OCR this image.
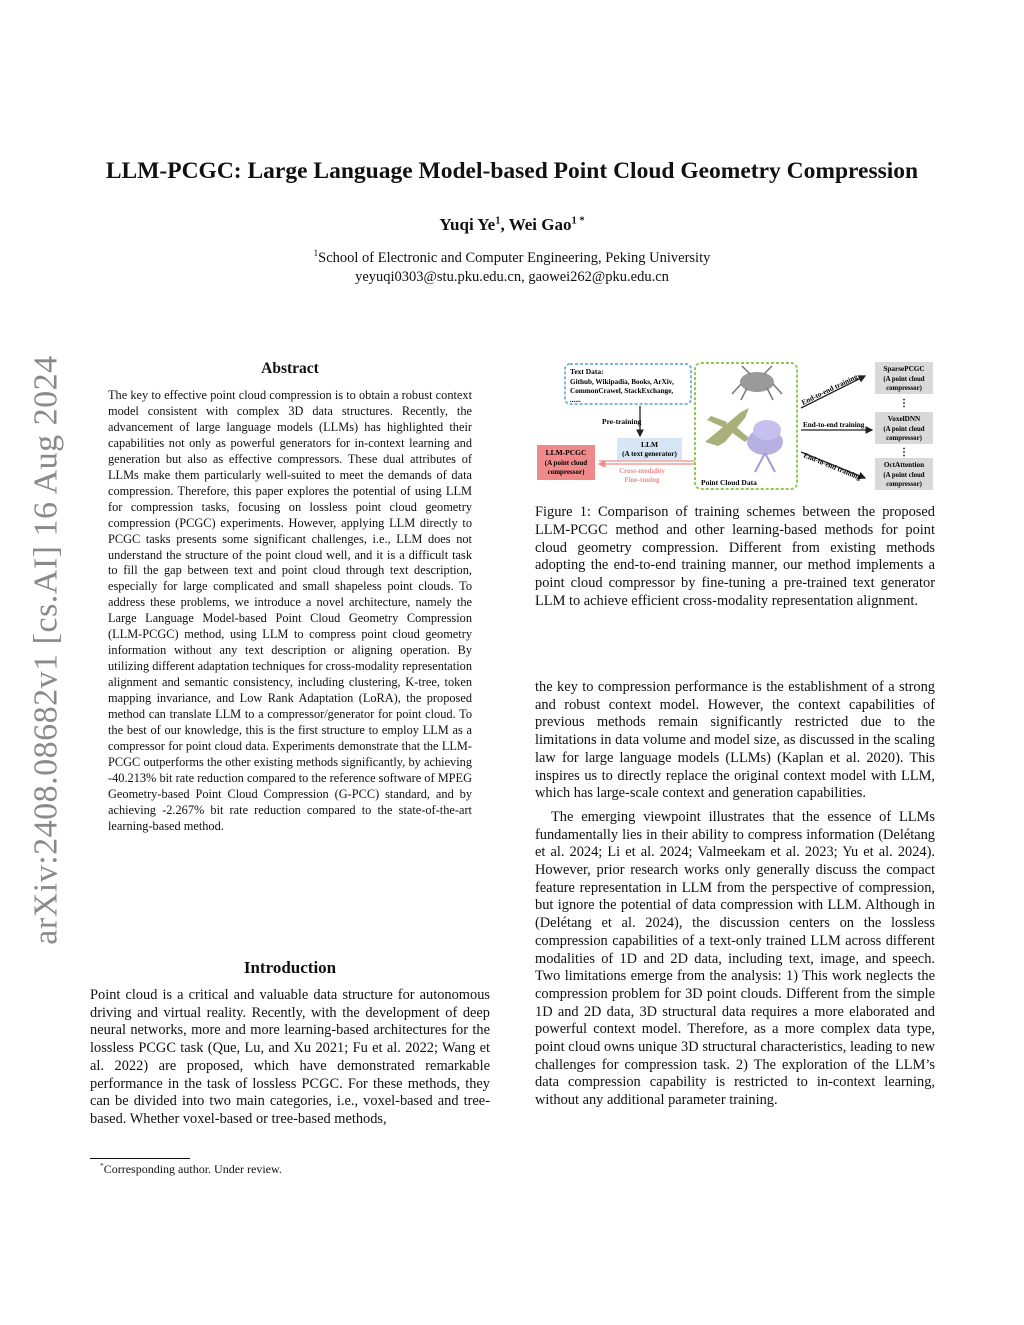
arXiv:2408.08682v1 [cs.AI] 16 Aug 2024
LLM-PCGC: Large Language Model-based Point Cloud Geometry Compression
Yuqi Ye$^1$, Wei Gao$^{1 *}$
$^1$School of Electronic and Computer Engineering, Peking University
yeyuqi0303@stu.pku.edu.cn, gaowei262@pku.edu.cn
Abstract

The key to effective point cloud compression is to obtain a robust context model consistent with complex 3D data structures. Recently, the advancement of large language models (LLMs) has highlighted their capabilities not only as powerful generators for in-context learning and generation but also as effective compressors. These dual attributes of LLMs make them particularly well-suited to meet the demands of data compression. Therefore, this paper explores the potential of using LLM for compression tasks, focusing on lossless point cloud geometry compression (PCGC) experiments. However, applying LLM directly to PCGC tasks presents some significant challenges, i.e., LLM does not understand the structure of the point cloud well, and it is a difficult task to fill the gap between text and point cloud through text description, especially for large complicated and small shapeless point clouds. To address these problems, we introduce a novel architecture, namely the Large Language Model-based Point Cloud Geometry Compression (LLM-PCGC) method, using LLM to compress point cloud geometry information without any text description or aligning operation. By utilizing different adaptation techniques for cross-modality representation alignment and semantic consistency, including clustering, K-tree, token mapping invariance, and Low Rank Adaptation (LoRA), the proposed method can translate LLM to a compressor/generator for point cloud. To the best of our knowledge, this is the first structure to employ LLM as a compressor for point cloud data. Experiments demonstrate that the LLM-PCGC outperforms the other existing methods significantly, by achieving -40.213% bit rate reduction compared to the reference software of MPEG Geometry-based Point Cloud Compression (G-PCC) standard, and by achieving -2.267% bit rate reduction compared to the state-of-the-art learning-based method.

Introduction

Point cloud is a critical and valuable data structure for autonomous driving and virtual reality. Recently, with the development of deep neural networks, more and more learning-based architectures for the lossless PCGC task (Que, Lu, and Xu 2021; Fu et al. 2022; Wang et al. 2022) are proposed, which have demonstrated remarkable performance in the task of lossless PCGC. For these methods, they can be divided into two main categories, i.e., voxel-based and tree-based. Whether voxel-based or tree-based methods,

*Corresponding author. Under review.
Text Data:
Github, Wikipadia, Books, ArXiv,
CommonCrawel, StackExchange,
......
Pre-training
LLM
(A text generator)
LLM-PCGC
(A point cloud
compressor)	Cross-modality
Fine-tuning	Point Cloud Data
End-to-end training
End-to-end training
End-to-end training
SparsePCGC
(A point cloud
compressor)
⋮
VoxelDNN
(A point cloud
compressor)
⋮
OctAttention
(A point cloud
compressor)

Figure 1: Comparison of training schemes between the proposed LLM-PCGC method and other learning-based methods for point cloud geometry compression. Different from existing methods adopting the end-to-end training manner, our method implements a point cloud compressor by fine-tuning a pre-trained text generator LLM to achieve efficient cross-modality representation alignment.

the key to compression performance is the establishment of a strong and robust context model. However, the context capabilities of previous methods remain significantly restricted due to the limitations in data volume and model size, as discussed in the scaling law for large language models (LLMs) (Kaplan et al. 2020). This inspires us to directly replace the original context model with LLM, which has large-scale context and generation capabilities.

The emerging viewpoint illustrates that the essence of LLMs fundamentally lies in their ability to compress information (Delétang et al. 2024; Li et al. 2024; Valmeekam et al. 2023; Yu et al. 2024). However, prior research works only generally discuss the compact feature representation in LLM from the perspective of compression, but ignore the potential of data compression with LLM. Although in (Delétang et al. 2024), the discussion centers on the lossless compression capabilities of a text-only trained LLM across different modalities of 1D and 2D data, including text, image, and speech. Two limitations emerge from the analysis: 1) This work neglects the compression problem for 3D point clouds. Different from the simple 1D and 2D data, 3D structural data requires a more elaborated and powerful context model. Therefore, as a more complex data type, point cloud owns unique 3D structural characteristics, leading to new challenges for compression task. 2) The exploration of the LLM’s data compression capability is restricted to in-context learning, without any additional parameter training.
